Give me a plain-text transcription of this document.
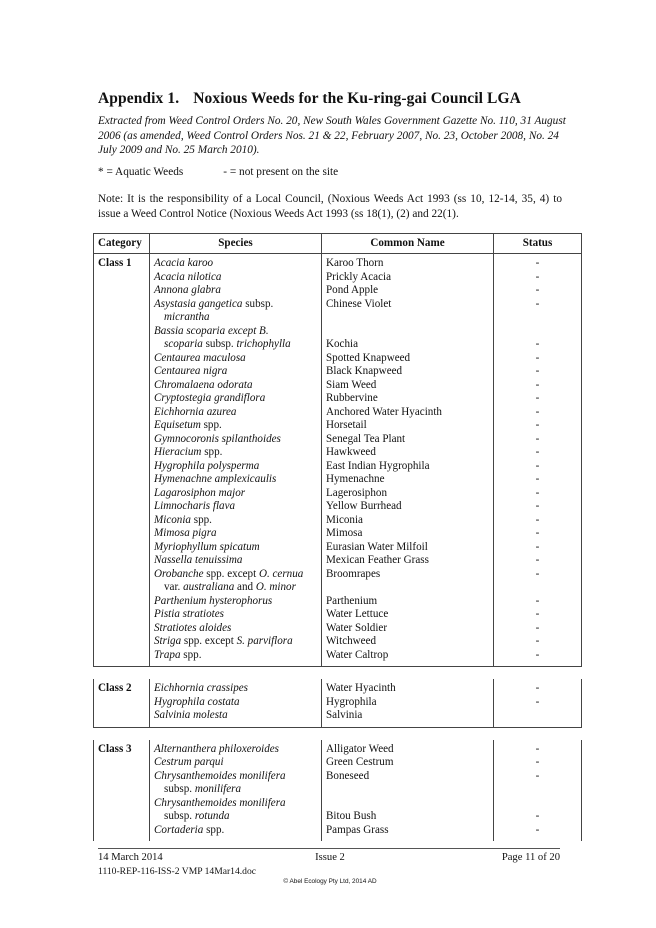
Appendix 1. Noxious Weeds for the Ku-ring-gai Council LGA
Extracted from Weed Control Orders No. 20, New South Wales Government Gazette No. 110, 31 August 2006 (as amended, Weed Control Orders Nos. 21 & 22, February 2007, No. 23, October 2008, No. 24 July 2009 and No. 25 March 2010).
* = Aquatic Weeds	- = not present on the site
Note: It is the responsibility of a Local Council, (Noxious Weeds Act 1993 (ss 10, 12-14, 35, 4) to issue a Weed Control Notice (Noxious Weeds Act 1993 (ss 18(1), (2) and 22(1).
Category	Species	Common Name	Status
Class 1	Acacia karoo	Karoo Thorn	-

	Acacia nilotica	Prickly Acacia	-

	Annona glabra	Pond Apple	-

	Asystasia gangetica subsp.
micrantha	Chinese Violet	-

	Bassia scoparia except B.
scoparia subsp. trichophylla	Kochia	-

	Centaurea maculosa	Spotted Knapweed	-

	Centaurea nigra	Black Knapweed	-

	Chromalaena odorata	Siam Weed	-

	Cryptostegia grandiflora	Rubbervine	-

	Eichhornia azurea	Anchored Water Hyacinth	-

	Equisetum spp.	Horsetail	-

	Gymnocoronis spilanthoides	Senegal Tea Plant	-

	Hieracium spp.	Hawkweed	-

	Hygrophila polysperma	East Indian Hygrophila	-

	Hymenachne amplexicaulis	Hymenachne	-

	Lagarosiphon major	Lagerosiphon	-

	Limnocharis flava	Yellow Burrhead	-

	Miconia spp.	Miconia	-

	Mimosa pigra	Mimosa	-

	Myriophyllum spicatum	Eurasian Water Milfoil	-

	Nassella tenuissima	Mexican Feather Grass	-

	Orobanche spp. except O. cernua
var. australiana and O. minor	Broomrapes	-

	Parthenium hysterophorus	Parthenium	-

	Pistia stratiotes	Water Lettuce	-

	Stratiotes aloides	Water Soldier	-

	Striga spp. except S. parviflora	Witchweed	-

	Trapa spp.	Water Caltrop	-

Class 2	Eichhornia crassipes	Water Hyacinth	-

	Hygrophila costata	Hygrophila	-

	Salvinia molesta	Salvinia	

Class 3	Alternanthera philoxeroides	Alligator Weed	-

	Cestrum parqui	Green Cestrum	-

	Chrysanthemoides monilifera
subsp. monilifera	Boneseed	-

	Chrysanthemoides monilifera
subsp. rotunda	Bitou Bush	-

	Cortaderia spp.	Pampas Grass	-
14 March 2014	Issue 2	Page 11 of 20
1110-REP-116-ISS-2 VMP 14Mar14.doc
© Abel Ecology Pty Ltd, 2014 AD
